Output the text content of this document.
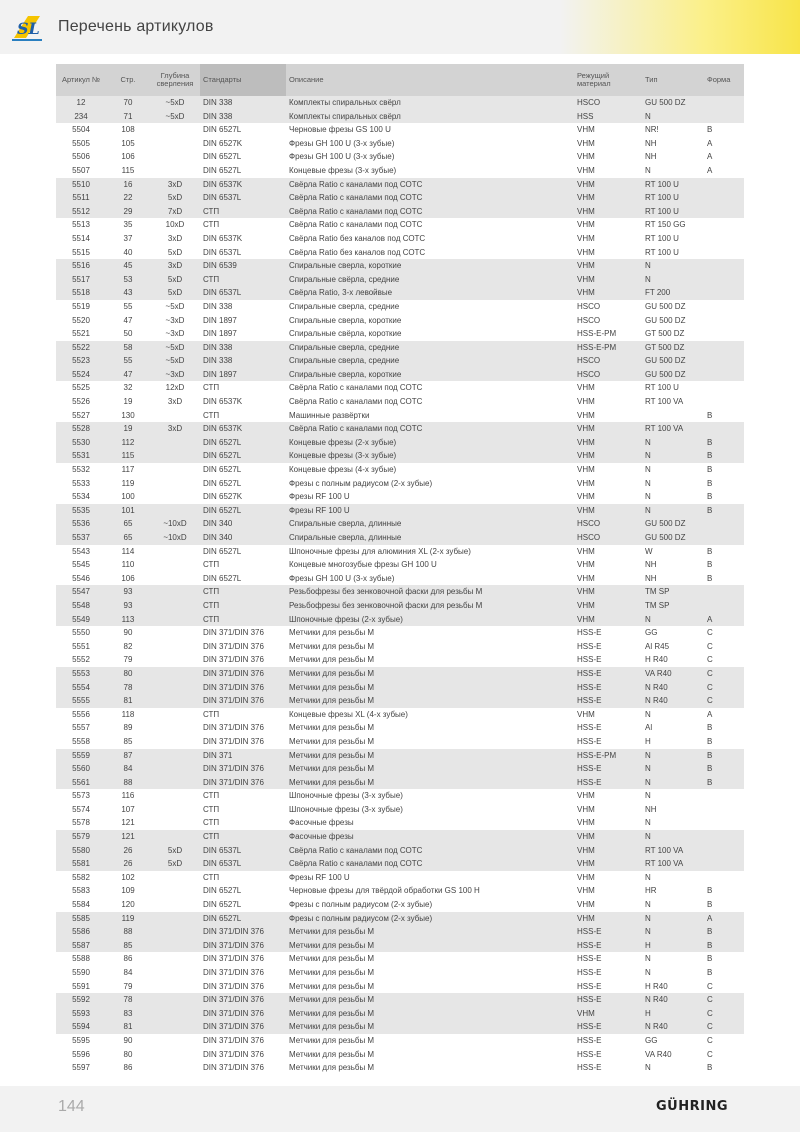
SL Перечень артикулов
Артикул №	Стр.	Глубина сверления	Стандарты	Описание	Режущий материал	Тип	Форма
12	70	~5xD	DIN 338	Комплекты спиральных свёрл	HSCO	GU 500 DZ	
234	71	~5xD	DIN 338	Комплекты спиральных свёрл	HSS	N	
5504	108		DIN 6527L	Черновые фрезы GS 100 U	VHM	NR!	B
5505	105		DIN 6527K	Фрезы GH 100 U (3-х зубые)	VHM	NH	A
5506	106		DIN 6527L	Фрезы GH 100 U (3-х зубые)	VHM	NH	A
5507	115		DIN 6527L	Концевые фрезы (3-х зубые)	VHM	N	A
5510	16	3xD	DIN 6537K	Свёрла Ratio с каналами под СОТС	VHM	RT 100 U	
5511	22	5xD	DIN 6537L	Свёрла Ratio с каналами под СОТС	VHM	RT 100 U	
5512	29	7xD	СТП	Свёрла Ratio с каналами под СОТС	VHM	RT 100 U	
5513	35	10xD	СТП	Свёрла Ratio с каналами под СОТС	VHM	RT 150 GG	
5514	37	3xD	DIN 6537K	Свёрла Ratio без каналов под СОТС	VHM	RT 100 U	
5515	40	5xD	DIN 6537L	Свёрла Ratio без каналов под СОТС	VHM	RT 100 U	
5516	45	3xD	DIN 6539	Спиральные сверла, короткие	VHM	N	
5517	53	5xD	СТП	Спиральные свёрла, средние	VHM	N	
5518	43	5xD	DIN 6537L	Свёрла Ratio, 3-х левойвые	VHM	FT 200	
5519	55	~5xD	DIN 338	Спиральные сверла, средние	HSCO	GU 500 DZ	
5520	47	~3xD	DIN 1897	Спиральные сверла, короткие	HSCO	GU 500 DZ	
5521	50	~3xD	DIN 1897	Спиральные свёрла, короткие	HSS-E-PM	GT 500 DZ	
5522	58	~5xD	DIN 338	Спиральные сверла, средние	HSS-E-PM	GT 500 DZ	
5523	55	~5xD	DIN 338	Спиральные сверла, средние	HSCO	GU 500 DZ	
5524	47	~3xD	DIN 1897	Спиральные сверла, короткие	HSCO	GU 500 DZ	
5525	32	12xD	СТП	Свёрла Ratio с каналами под СОТС	VHM	RT 100 U	
5526	19	3xD	DIN 6537K	Свёрла Ratio с каналами под СОТС	VHM	RT 100 VA	
5527	130		СТП	Машинные развёртки	VHM		B
5528	19	3xD	DIN 6537K	Свёрла Ratio с каналами под СОТС	VHM	RT 100 VA	
5530	112		DIN 6527L	Концевые фрезы (2-х зубые)	VHM	N	B
5531	115		DIN 6527L	Концевые фрезы (3-х зубые)	VHM	N	B
5532	117		DIN 6527L	Концевые фрезы (4-х зубые)	VHM	N	B
5533	119		DIN 6527L	Фрезы с полным радиусом (2-х зубые)	VHM	N	B
5534	100		DIN 6527K	Фрезы RF 100 U	VHM	N	B
5535	101		DIN 6527L	Фрезы RF 100 U	VHM	N	B
5536	65	~10xD	DIN 340	Спиральные сверла, длинные	HSCO	GU 500 DZ	
5537	65	~10xD	DIN 340	Спиральные сверла, длинные	HSCO	GU 500 DZ	
5543	114		DIN 6527L	Шпоночные фрезы для алюминия XL (2-х зубые)	VHM	W	B
5545	110		СТП	Концевые многозубые фрезы GH 100 U	VHM	NH	B
5546	106		DIN 6527L	Фрезы GH 100 U (3-х зубые)	VHM	NH	B
5547	93		СТП	Резьбофрезы без зенковочной фаски для резьбы М	VHM	TM SP	
5548	93		СТП	Резьбофрезы без зенковочной фаски для резьбы М	VHM	TM SP	
5549	113		СТП	Шпоночные фрезы (2-х зубые)	VHM	N	A
5550	90		DIN 371/DIN 376	Метчики для резьбы М	HSS-E	GG	C
5551	82		DIN 371/DIN 376	Метчики для резьбы М	HSS-E	Al R45	C
5552	79		DIN 371/DIN 376	Метчики для резьбы М	HSS-E	H R40	C
5553	80		DIN 371/DIN 376	Метчики для резьбы М	HSS-E	VA R40	C
5554	78		DIN 371/DIN 376	Метчики для резьбы М	HSS-E	N R40	C
5555	81		DIN 371/DIN 376	Метчики для резьбы М	HSS-E	N R40	C
5556	118		СТП	Концевые фрезы XL (4-х зубые)	VHM	N	A
5557	89		DIN 371/DIN 376	Метчики для резьбы М	HSS-E	Al	B
5558	85		DIN 371/DIN 376	Метчики для резьбы М	HSS-E	H	B
5559	87		DIN 371	Метчики для резьбы М	HSS-E-PM	N	B
5560	84		DIN 371/DIN 376	Метчики для резьбы М	HSS-E	N	B
5561	88		DIN 371/DIN 376	Метчики для резьбы М	HSS-E	N	B
5573	116		СТП	Шпоночные фрезы (3-х зубые)	VHM	N	
5574	107		СТП	Шпоночные фрезы (3-х зубые)	VHM	NH	
5578	121		СТП	Фасочные фрезы	VHM	N	
5579	121		СТП	Фасочные фрезы	VHM	N	
5580	26	5xD	DIN 6537L	Свёрла Ratio с каналами под СОТС	VHM	RT 100 VA	
5581	26	5xD	DIN 6537L	Свёрла Ratio с каналами под СОТС	VHM	RT 100 VA	
5582	102		СТП	Фрезы RF 100 U	VHM	N	
5583	109		DIN 6527L	Черновые фрезы для твёрдой обработки GS 100 H	VHM	HR	B
5584	120		DIN 6527L	Фрезы с полным радиусом (2-х зубые)	VHM	N	B
5585	119		DIN 6527L	Фрезы с полным радиусом (2-х зубые)	VHM	N	A
5586	88		DIN 371/DIN 376	Метчики для резьбы М	HSS-E	N	B
5587	85		DIN 371/DIN 376	Метчики для резьбы М	HSS-E	H	B
5588	86		DIN 371/DIN 376	Метчики для резьбы М	HSS-E	N	B
5590	84		DIN 371/DIN 376	Метчики для резьбы М	HSS-E	N	B
5591	79		DIN 371/DIN 376	Метчики для резьбы М	HSS-E	H R40	C
5592	78		DIN 371/DIN 376	Метчики для резьбы М	HSS-E	N R40	C
5593	83		DIN 371/DIN 376	Метчики для резьбы М	VHM	H	C
5594	81		DIN 371/DIN 376	Метчики для резьбы М	HSS-E	N R40	C
5595	90		DIN 371/DIN 376	Метчики для резьбы М	HSS-E	GG	C
5596	80		DIN 371/DIN 376	Метчики для резьбы М	HSS-E	VA R40	C
5597	86		DIN 371/DIN 376	Метчики для резьбы М	HSS-E	N	B
144	GÜHRING
